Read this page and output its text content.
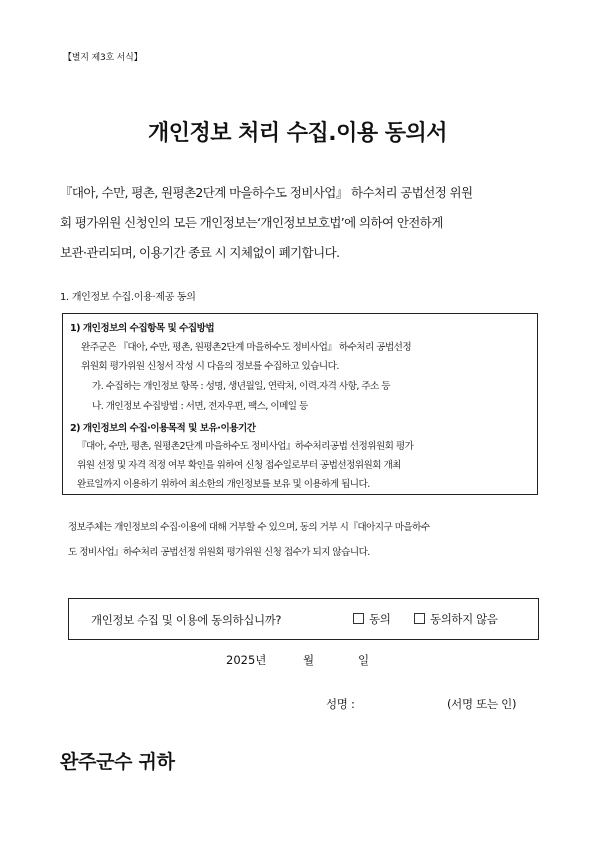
【별지 제3호 서식】
개인정보 처리 수집.이용 동의서
『대아, 수만, 평촌, 원평촌2단계 마을하수도 정비사업』 하수처리 공법선정 위원
회 평가위원 신청인의 모든 개인정보는‘개인정보보호법’에 의하여 안전하게
보관·관리되며, 이용기간 종료 시 지체없이 폐기합니다.
1. 개인정보 수집.이용·제공 동의
1) 개인정보의 수집항목 및 수집방법
완주군은 『대아, 수만, 평촌, 원평촌2단계 마을하수도 정비사업』 하수처리 공법선정
위원회 평가위원 신청서 작성 시 다음의 정보를 수집하고 있습니다.
가. 수집하는 개인정보 항목 : 성명, 생년월일, 연락처, 이력.자격 사항, 주소 등
나. 개인정보 수집방법 : 서면, 전자우편, 팩스, 이메일 등
2) 개인정보의 수집·이용목적 및 보유·이용기간
『대아, 수만, 평촌, 원평촌2단계 마을하수도 정비사업』하수처리공법 선정위원회 평가
위원 선정 및 자격 적정 여부 확인을 위하여 신청 접수일로부터 공법선정위원회 개최
완료일까지 이용하기 위하여 최소한의 개인정보를 보유 및 이용하게 됩니다.
정보주체는 개인정보의 수집·이용에 대해 거부할 수 있으며, 동의 거부 시『대아지구 마을하수
도 정비사업』하수처리 공법선정 위원회 평가위원 신청 접수가 되지 않습니다.
개인정보 수집 및 이용에 동의하십니까?	동의	동의하지 않음
2025년	월	일
성명 :	(서명 또는 인)
완주군수 귀하
